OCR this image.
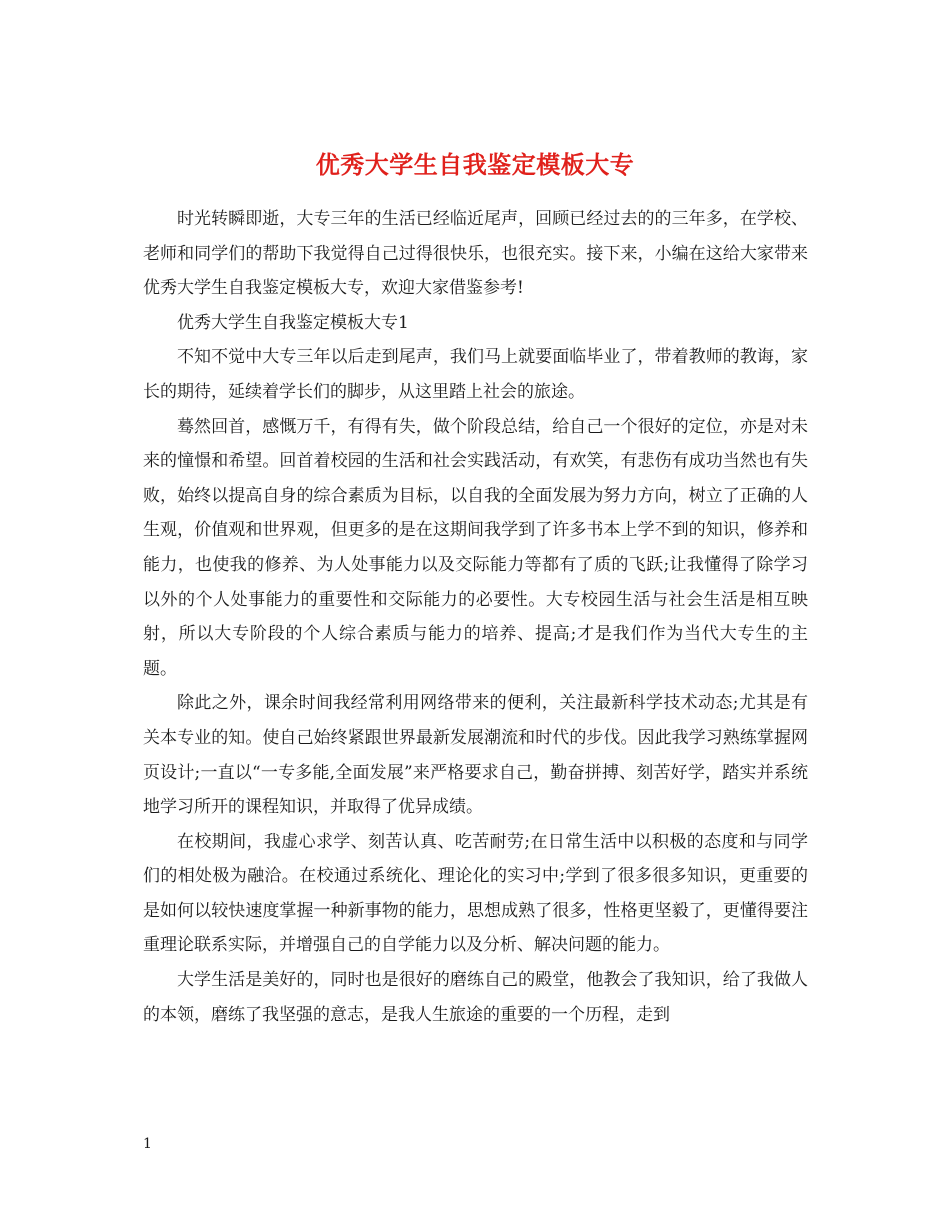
优秀大学生自我鉴定模板大专

时光转瞬即逝，大专三年的生活已经临近尾声，回顾已经过去的的三年多，在学校、老师和同学们的帮助下我觉得自己过得很快乐，也很充实。接下来，小编在这给大家带来优秀大学生自我鉴定模板大专，欢迎大家借鉴参考!

优秀大学生自我鉴定模板大专1

不知不觉中大专三年以后走到尾声，我们马上就要面临毕业了，带着教师的教诲，家长的期待，延续着学长们的脚步，从这里踏上社会的旅途。

蓦然回首，感慨万千，有得有失，做个阶段总结，给自己一个很好的定位，亦是对未来的憧憬和希望。回首着校园的生活和社会实践活动，有欢笑，有悲伤有成功当然也有失败，始终以提高自身的综合素质为目标，以自我的全面发展为努力方向，树立了正确的人生观，价值观和世界观，但更多的是在这期间我学到了许多书本上学不到的知识，修养和能力，也使我的修养、为人处事能力以及交际能力等都有了质的飞跃;让我懂得了除学习以外的个人处事能力的重要性和交际能力的必要性。大专校园生活与社会生活是相互映射，所以大专阶段的个人综合素质与能力的培养、提高;才是我们作为当代大专生的主题。

除此之外，课余时间我经常利用网络带来的便利，关注最新科学技术动态;尤其是有关本专业的知。使自己始终紧跟世界最新发展潮流和时代的步伐。因此我学习熟练掌握网页设计;一直以“一专多能,全面发展”来严格要求自己，勤奋拼搏、刻苦好学，踏实并系统地学习所开的课程知识，并取得了优异成绩。

在校期间，我虚心求学、刻苦认真、吃苦耐劳;在日常生活中以积极的态度和与同学们的相处极为融洽。在校通过系统化、理论化的实习中;学到了很多很多知识，更重要的是如何以较快速度掌握一种新事物的能力，思想成熟了很多，性格更坚毅了，更懂得要注重理论联系实际，并增强自己的自学能力以及分析、解决问题的能力。

大学生活是美好的，同时也是很好的磨练自己的殿堂，他教会了我知识，给了我做人的本领，磨练了我坚强的意志，是我人生旅途的重要的一个历程，走到

1
